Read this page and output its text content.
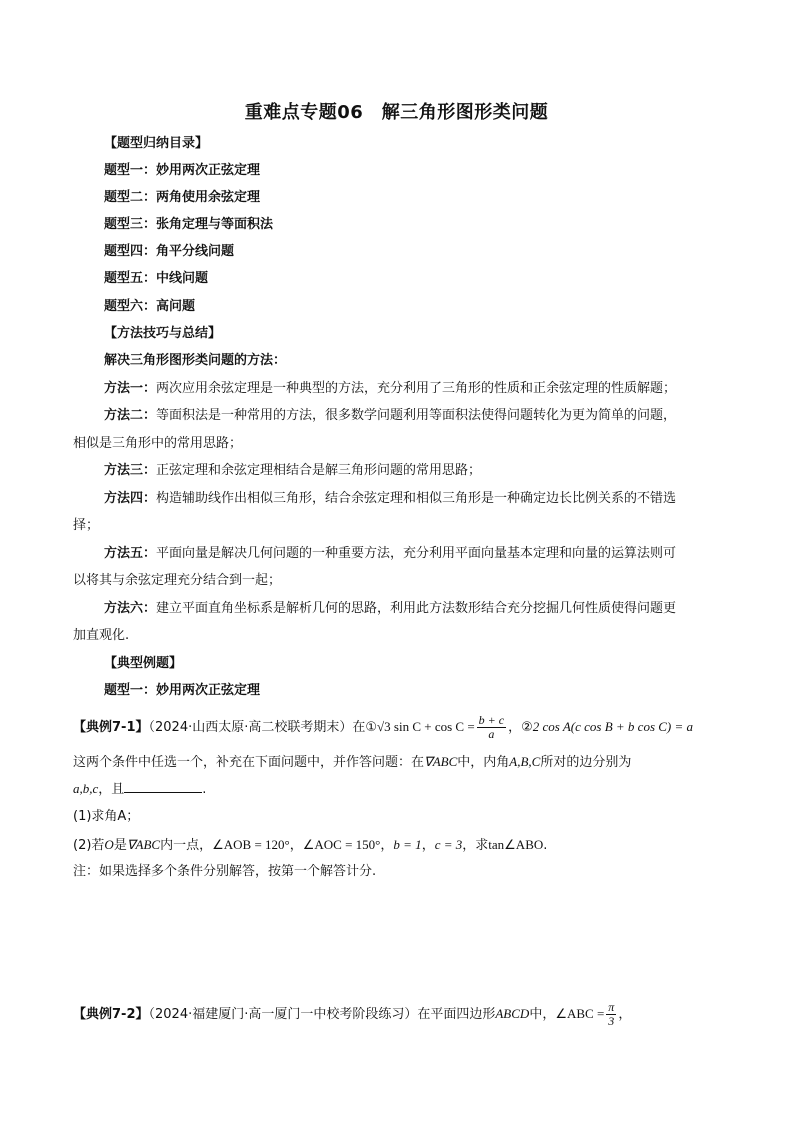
重难点专题06　解三角形图形类问题
【题型归纳目录】
题型一：妙用两次正弦定理
题型二：两角使用余弦定理
题型三：张角定理与等面积法
题型四：角平分线问题
题型五：中线问题
题型六：高问题
【方法技巧与总结】
解决三角形图形类问题的方法：
方法一：两次应用余弦定理是一种典型的方法，充分利用了三角形的性质和正余弦定理的性质解题；
方法二：等面积法是一种常用的方法，很多数学问题利用等面积法使得问题转化为更为简单的问题，
相似是三角形中的常用思路；
方法三：正弦定理和余弦定理相结合是解三角形问题的常用思路；
方法四：构造辅助线作出相似三角形，结合余弦定理和相似三角形是一种确定边长比例关系的不错选
择；
方法五：平面向量是解决几何问题的一种重要方法，充分利用平面向量基本定理和向量的运算法则可
以将其与余弦定理充分结合到一起；
方法六：建立平面直角坐标系是解析几何的思路，利用此方法数形结合充分挖掘几何性质使得问题更
加直观化.
【典型例题】
题型一：妙用两次正弦定理
【典例7-1】（2024·山西太原·高二校联考期末）在①√3 $\sin C + \cos C = \frac{b + c}{a}$ ，②2 cos A(c cos B + b cos C) = a
这两个条件中任选一个，补充在下面问题中，并作答问题：在∇ABC中，内角A,B,C所对的边分别为
a,b,c，且	.
(1)求角A；
(2)若O是∇ABC内一点，∠AOB = 120°，∠AOC = 150°，b = 1，c = 3，求tan∠ABO.
注：如果选择多个条件分别解答，按第一个解答计分.
【典例7-2】（2024·福建厦门·高一厦门一中校考阶段练习）在平面四边形ABCD中，∠ABC = $\frac{\pi}{3}$ ，
